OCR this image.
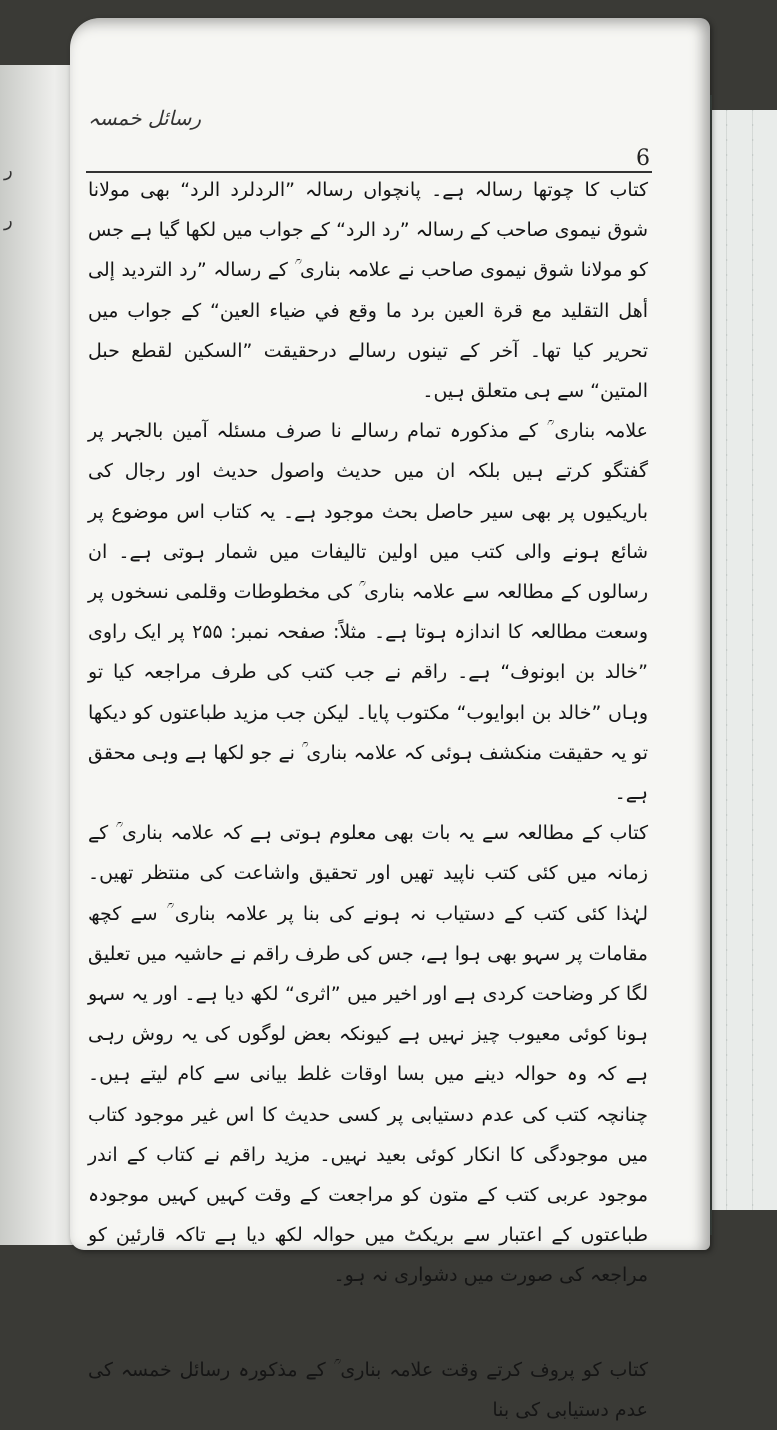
ر
ر
رسائل خمسہ
6

کتاب کا چوتھا رسالہ ہے۔ پانچواں رسالہ ”الردلرد الرد“ بھی مولانا شوق نیموی صاحب کے رسالہ ”رد الرد“ کے جواب میں لکھا گیا ہے جس کو مولانا شوق نیموی صاحب نے علامہ بناری ؒ کے رسالہ ”رد الترديد إلى أهل التقليد مع قرة العين برد ما وقع في ضياء العين“ کے جواب میں تحریر کیا تھا۔ آخر کے تینوں رسالے درحقیقت ”السكين لقطع حبل المتين“ سے ہی متعلق ہیں۔

علامہ بناری ؒ کے مذکورہ تمام رسالے نا صرف مسئلہ آمین بالجہر پر گفتگو کرتے ہیں بلکہ ان میں حدیث واصول حدیث اور رجال کی باریکیوں پر بھی سیر حاصل بحث موجود ہے۔ یہ کتاب اس موضوع پر شائع ہونے والی کتب میں اولین تالیفات میں شمار ہوتی ہے۔ ان رسالوں کے مطالعہ سے علامہ بناری ؒ کی مخطوطات وقلمی نسخوں پر وسعت مطالعہ کا اندازہ ہوتا ہے۔ مثلاً: صفحہ نمبر: ۲۵۵ پر ایک راوی ”خالد بن ابونوف“ ہے۔ راقم نے جب کتب کی طرف مراجعہ کیا تو وہاں ”خالد بن ابوایوب“ مکتوب پایا۔ لیکن جب مزید طباعتوں کو دیکھا تو یہ حقیقت منکشف ہوئی کہ علامہ بناری ؒ نے جو لکھا ہے وہی محقق ہے۔

کتاب کے مطالعہ سے یہ بات بھی معلوم ہوتی ہے کہ علامہ بناری ؒ کے زمانہ میں کئی کتب ناپید تھیں اور تحقیق واشاعت کی منتظر تھیں۔ لہٰذا کئی کتب کے دستیاب نہ ہونے کی بنا پر علامہ بناری ؒ سے کچھ مقامات پر سہو بھی ہوا ہے، جس کی طرف راقم نے حاشیہ میں تعلیق لگا کر وضاحت کردی ہے اور اخیر میں ”اثری“ لکھ دیا ہے۔ اور یہ سہو ہونا کوئی معیوب چیز نہیں ہے کیونکہ بعض لوگوں کی یہ روش رہی ہے کہ وہ حوالہ دینے میں بسا اوقات غلط بیانی سے کام لیتے ہیں۔ چنانچہ کتب کی عدم دستیابی پر کسی حدیث کا اس غیر موجود کتاب میں موجودگی کا انکار کوئی بعید نہیں۔ مزید راقم نے کتاب کے اندر موجود عربی کتب کے متون کو مراجعت کے وقت کہیں کہیں موجودہ طباعتوں کے اعتبار سے بریکٹ میں حوالہ لکھ دیا ہے تاکہ قارئین کو مراجعہ کی صورت میں دشواری نہ ہو۔

کتاب کو پروف کرتے وقت علامہ بناری ؒ کے مذکورہ رسائل خمسہ کی عدم دستیابی کی بنا
